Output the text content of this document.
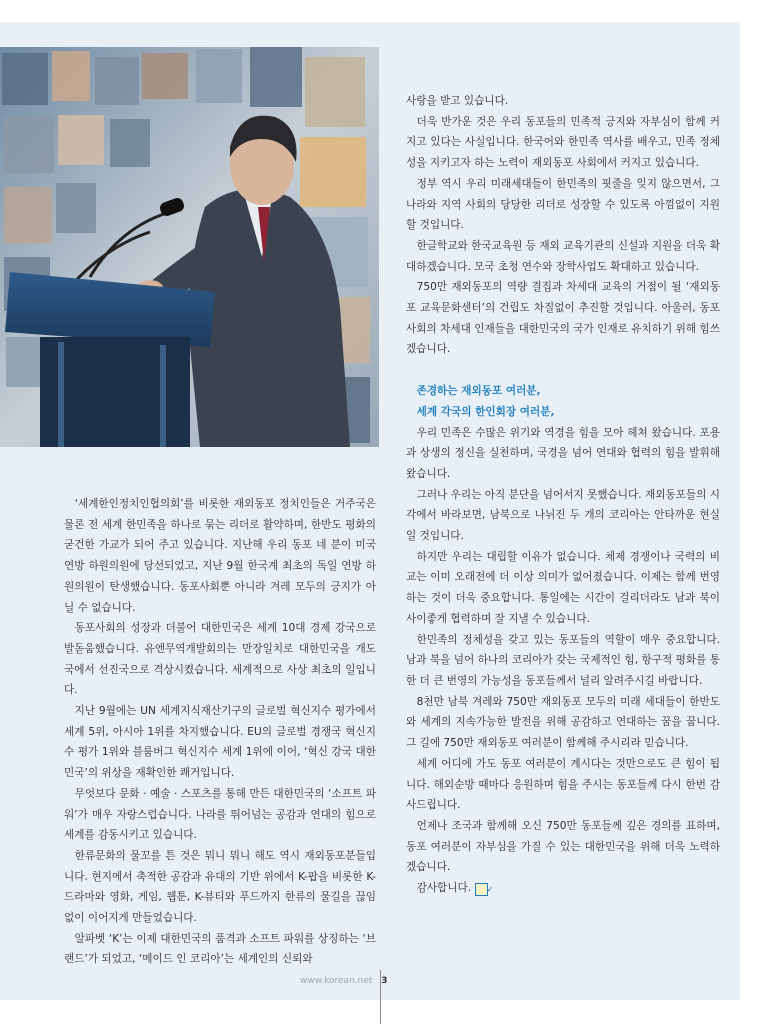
‘세계한인정치인협의회’를 비롯한 재외동포 정치인들은 거주국은 물론 전 세계 한민족을 하나로 묶는 리더로 활약하며, 한반도 평화의 굳건한 가교가 되어 주고 있습니다. 지난해 우리 동포 네 분이 미국 연방 하원의원에 당선되었고, 지난 9월 한국계 최초의 독일 연방 하원의원이 탄생했습니다. 동포사회뿐 아니라 겨레 모두의 긍지가 아닐 수 없습니다.

동포사회의 성장과 더불어 대한민국은 세계 10대 경제 강국으로 발돋움했습니다. 유엔무역개발회의는 만장일치로 대한민국을 개도국에서 선진국으로 격상시켰습니다. 세계적으로 사상 최초의 일입니다.

지난 9월에는 UN 세계지식재산기구의 글로벌 혁신지수 평가에서 세계 5위, 아시아 1위를 차지했습니다. EU의 글로벌 경쟁국 혁신지수 평가 1위와 블룸버그 혁신지수 세계 1위에 이어, ‘혁신 강국 대한민국’의 위상을 재확인한 쾌거입니다.

무엇보다 문화 · 예술 · 스포츠를 통해 만든 대한민국의 ‘소프트 파워’가 매우 자랑스럽습니다. 나라를 뛰어넘는 공감과 연대의 힘으로 세계를 감동시키고 있습니다.

한류문화의 물꼬를 튼 것은 뭐니 뭐니 해도 역시 재외동포분들입니다. 현지에서 축적한 공감과 유대의 기반 위에서 K-팝을 비롯한 K-드라마와 영화, 게임, 웹툰, K-뷰티와 푸드까지 한류의 물길을 끊임없이 이어지게 만들었습니다.

알파벳 ‘K’는 이제 대한민국의 품격과 소프트 파워를 상징하는 ‘브랜드’가 되었고, ‘메이드 인 코리아’는 세계인의 신뢰와

사랑을 받고 있습니다.

더욱 반가운 것은 우리 동포들의 민족적 긍지와 자부심이 함께 커지고 있다는 사실입니다. 한국어와 한민족 역사를 배우고, 민족 정체성을 지키고자 하는 노력이 재외동포 사회에서 커지고 있습니다.

정부 역시 우리 미래세대들이 한민족의 핏줄을 잊지 않으면서, 그 나라와 지역 사회의 당당한 리더로 성장할 수 있도록 아낌없이 지원할 것입니다.

한글학교와 한국교육원 등 재외 교육기관의 신설과 지원을 더욱 확대하겠습니다. 모국 초청 연수와 장학사업도 확대하고 있습니다.

750만 재외동포의 역량 결집과 차세대 교육의 거점이 될 ‘재외동포 교육문화센터’의 건립도 차질없이 추진할 것입니다. 아울러, 동포사회의 차세대 인재들을 대한민국의 국가 인재로 유치하기 위해 힘쓰겠습니다.

존경하는 재외동포 여러분,

세계 각국의 한인회장 여러분,

우리 민족은 수많은 위기와 역경을 힘을 모아 헤쳐 왔습니다. 포용과 상생의 정신을 실천하며, 국경을 넘어 연대와 협력의 힘을 발휘해 왔습니다.

그러나 우리는 아직 분단을 넘어서지 못했습니다. 재외동포들의 시각에서 바라보면, 남북으로 나뉘진 두 개의 코리아는 안타까운 현실일 것입니다.

하지만 우리는 대립할 이유가 없습니다. 체제 경쟁이나 국력의 비교는 이미 오래전에 더 이상 의미가 없어졌습니다. 이제는 함께 번영하는 것이 더욱 중요합니다. 통일에는 시간이 걸리더라도 남과 북이 사이좋게 협력하며 잘 지낼 수 있습니다.

한민족의 정체성을 갖고 있는 동포들의 역할이 매우 중요합니다. 남과 북을 넘어 하나의 코리아가 갖는 국제적인 힘, 항구적 평화를 통한 더 큰 번영의 가능성을 동포들께서 널리 알려주시길 바랍니다.

8천만 남북 겨레와 750만 재외동포 모두의 미래 세대들이 한반도와 세계의 지속가능한 발전을 위해 공감하고 연대하는 꿈을 꿉니다. 그 길에 750만 재외동포 여러분이 함께해 주시리라 믿습니다.

세계 어디에 가도 동포 여러분이 계시다는 것만으로도 큰 힘이 됩니다. 해외순방 때마다 응원하며 힘을 주시는 동포들께 다시 한번 감사드립니다.

언제나 조국과 함께해 오신 750만 동포들께 깊은 경의를 표하며, 동포 여러분이 자부심을 가질 수 있는 대한민국을 위해 더욱 노력하겠습니다.

감사합니다. ✓

www.korean.net 3
